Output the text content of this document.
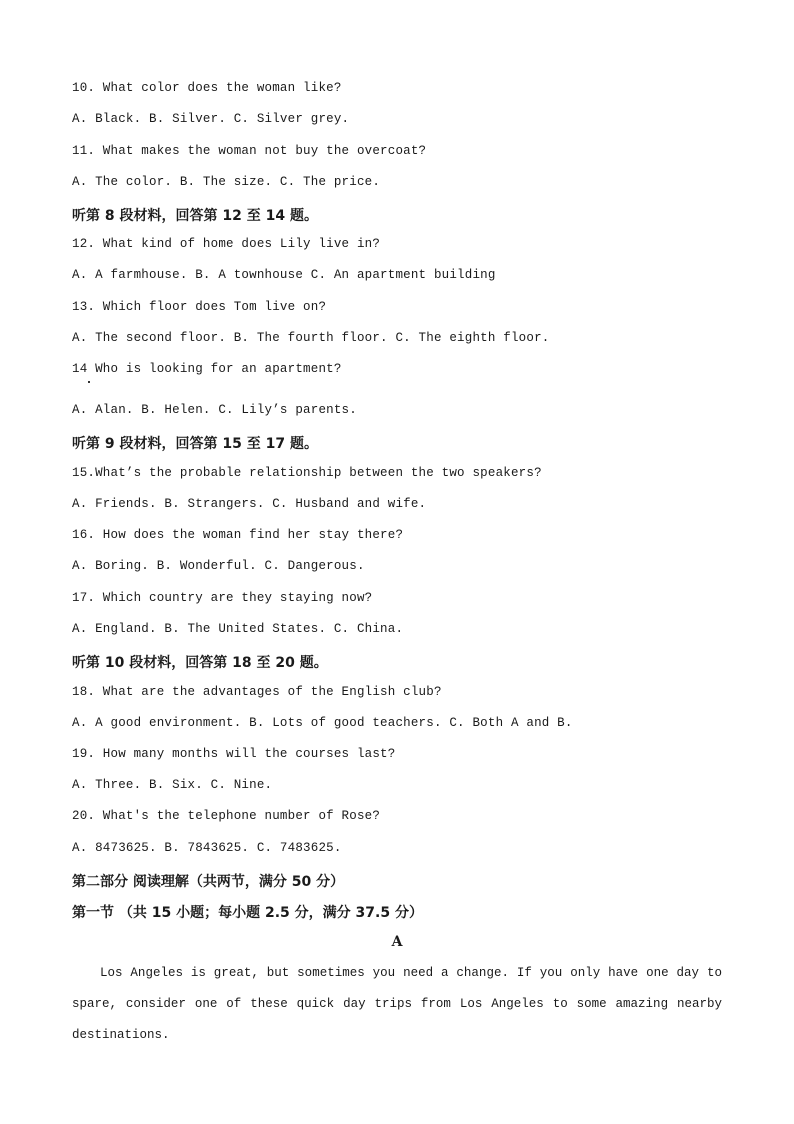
10. What color does the woman like?
A. Black. B. Silver. C. Silver grey.
11. What makes the woman not buy the overcoat?
A. The color. B. The size. C. The price.
听第 8 段材料，回答第 12 至 14 题。
12. What kind of home does Lily live in?
A. A farmhouse. B. A townhouse C. An apartment building
13. Which floor does Tom live on?
A. The second floor. B. The fourth floor. C. The eighth floor.
14 Who is looking for an apartment?
A. Alan. B. Helen. C. Lily’s parents.
听第 9 段材料，回答第 15 至 17 题。
15.What’s the probable relationship between the two speakers?
A. Friends. B. Strangers. C. Husband and wife.
16. How does the woman find her stay there?
A. Boring. B. Wonderful. C. Dangerous.
17. Which country are they staying now?
A. England. B. The United States. C. China.
听第 10 段材料，回答第 18 至 20 题。
18. What are the advantages of the English club?
A. A good environment. B. Lots of good teachers. C. Both A and B.
19. How many months will the courses last?
A. Three. B. Six. C. Nine.
20. What's the telephone number of Rose?
A. 8473625. B. 7843625. C. 7483625.
第二部分 阅读理解（共两节，满分 50 分）
第一节 （共 15 小题；每小题 2.5 分，满分 37.5 分）
A
Los Angeles is great, but sometimes you need a change. If you only have one day to spare, consider one of these quick day trips from Los Angeles to some amazing nearby destinations.
